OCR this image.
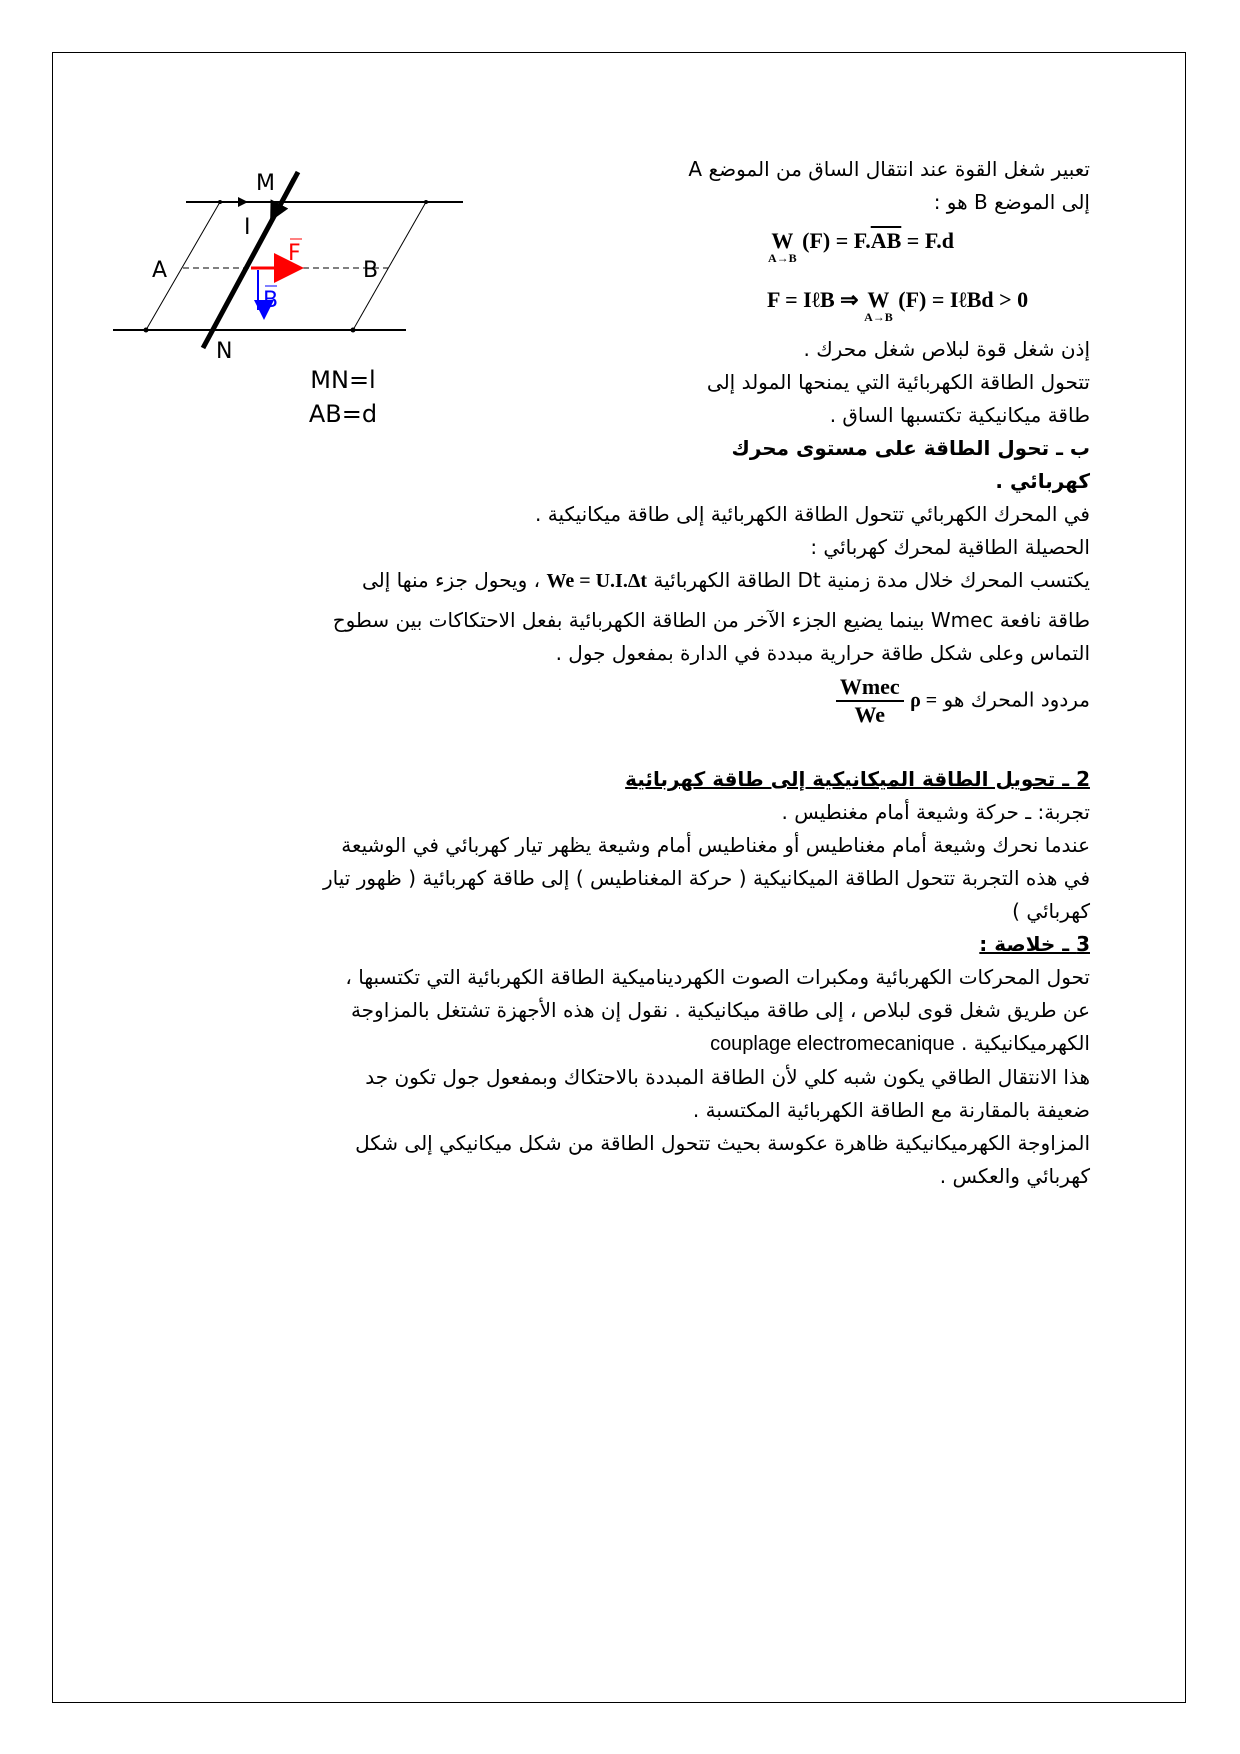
M
I
A	B
F
B
N
MN=l
AB=d
تعبير شغل القوة عند انتقال الساق من الموضع A
إلى الموضع B هو :
W
$^{A\to B}$ $(F) = F.\overline{AB} = F.d$
F = IℓB ⇒ W
$^{A\to B}$ (F) = IℓBd > 0
إذن شغل قوة لبلاص شغل محرك .
تتحول الطاقة الكهربائية التي يمنحها المولد إلى
طاقة ميكانيكية تكتسبها الساق .
ب ـ تحول الطاقة على مستوى محرك
كهربائي .
في المحرك الكهربائي تتحول الطاقة الكهربائية إلى طاقة ميكانيكية .
الحصيلة الطاقية لمحرك كهربائي :
يكتسب المحرك خلال مدة زمنية Dt الطاقة الكهربائية We = U.I.Δt ، ويحول جزء منها إلى
طاقة نافعة Wmec بينما يضيع الجزء الآخر من الطاقة الكهربائية بفعل الاحتكاكات بين سطوح
التماس وعلى شكل طاقة حرارية مبددة في الدارة بمفعول جول .
مردود المحرك هو ρ =
$\frac{\text{Wmec}}{We}$
2 ـ تحويل الطاقة الميكانيكية إلى طاقة كهربائية
تجربة: ـ حركة وشيعة أمام مغنطيس .
عندما نحرك وشيعة أمام مغناطيس أو مغناطيس أمام وشيعة يظهر تيار كهربائي في الوشيعة
في هذه التجربة تتحول الطاقة الميكانيكية ( حركة المغناطيس ) إلى طاقة كهربائية ( ظهور تيار
كهربائي )
3 ـ خلاصة :
تحول المحركات الكهربائية ومكبرات الصوت الكهرديناميكية الطاقة الكهربائية التي تكتسبها ،
عن طريق شغل قوى لبلاص ، إلى طاقة ميكانيكية . نقول إن هذه الأجهزة تشتغل بالمزاوجة
الكهرميكانيكية . couplage electromecanique
هذا الانتقال الطاقي يكون شبه كلي لأن الطاقة المبددة بالاحتكاك وبمفعول جول تكون جد
ضعيفة بالمقارنة مع الطاقة الكهربائية المكتسبة .
المزاوجة الكهرميكانيكية ظاهرة عكوسة بحيث تتحول الطاقة من شكل ميكانيكي إلى شكل
كهربائي والعكس .
